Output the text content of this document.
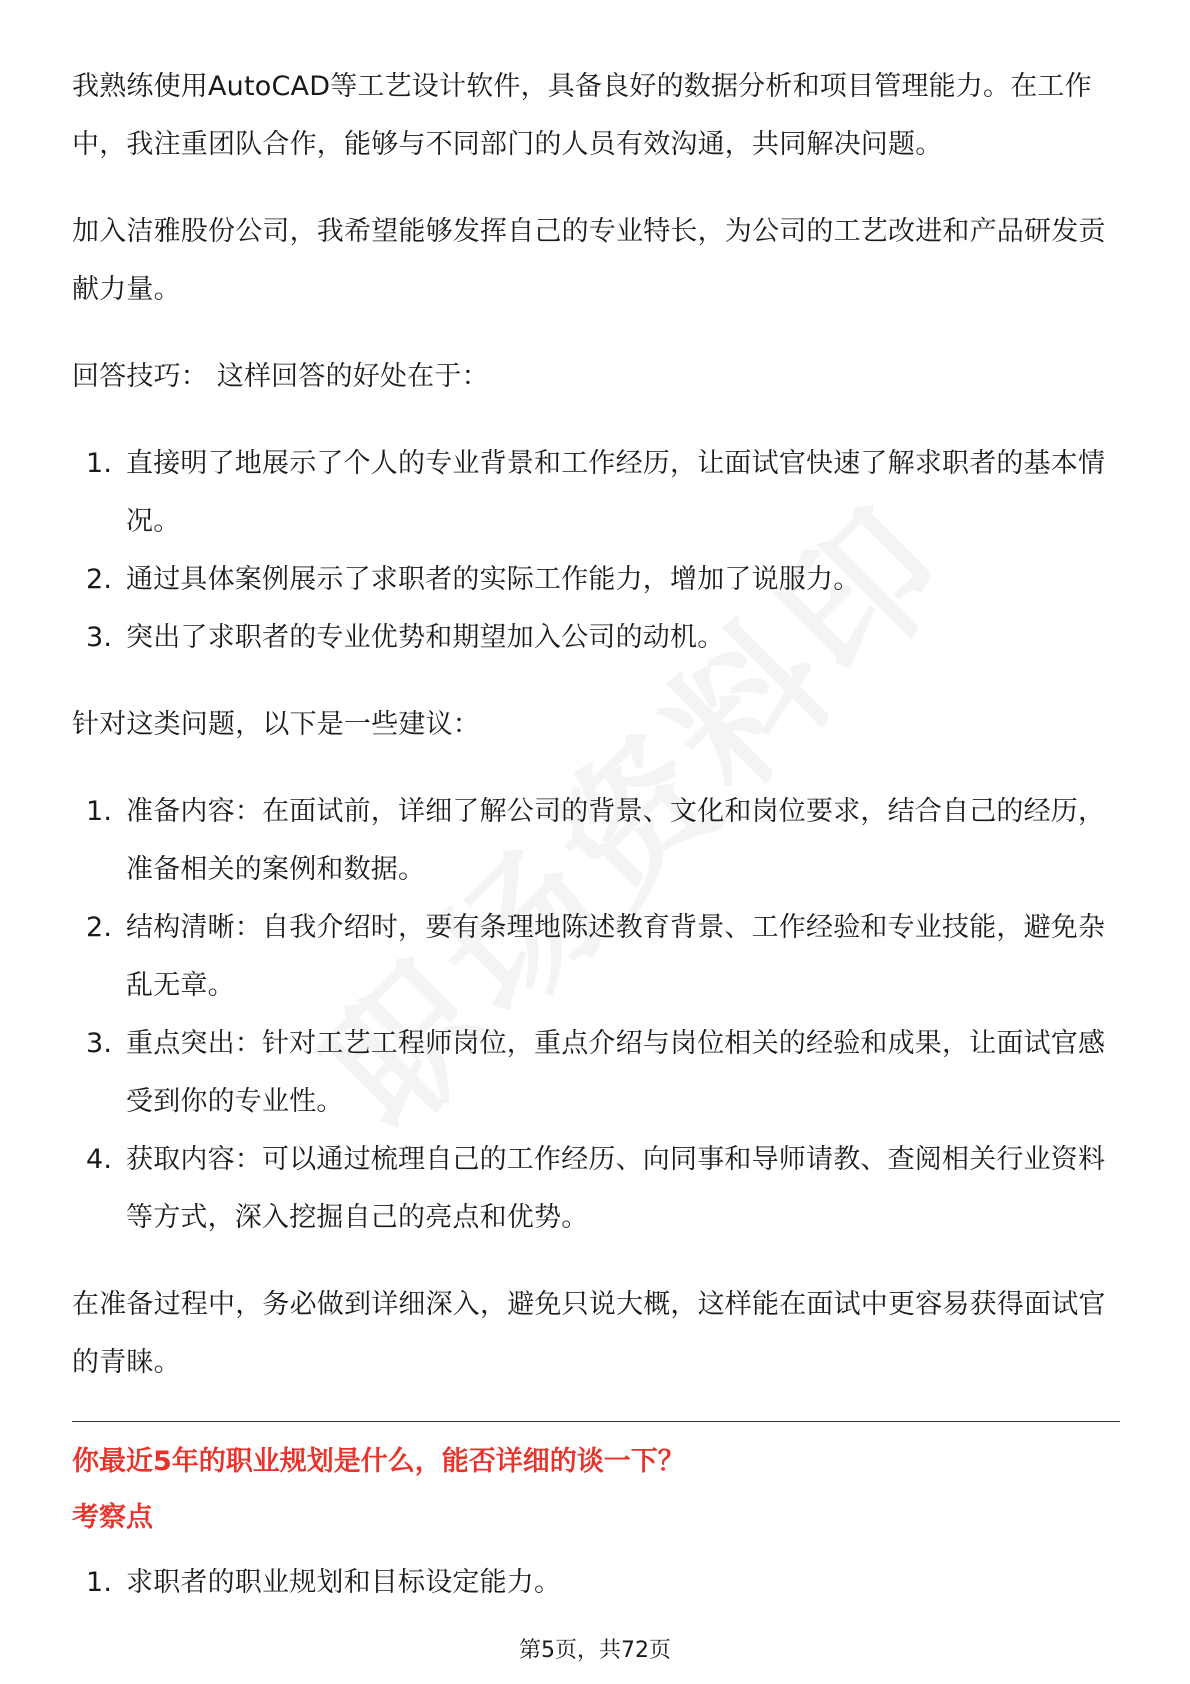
我熟练使用AutoCAD等工艺设计软件，具备良好的数据分析和项目管理能力。在工作中，我注重团队合作，能够与不同部门的人员有效沟通，共同解决问题。

加入洁雅股份公司，我希望能够发挥自己的专业特长，为公司的工艺改进和产品研发贡献力量。

回答技巧： 这样回答的好处在于：

1. 直接明了地展示了个人的专业背景和工作经历，让面试官快速了解求职者的基本情况。
2. 通过具体案例展示了求职者的实际工作能力，增加了说服力。
3. 突出了求职者的专业优势和期望加入公司的动机。

针对这类问题，以下是一些建议：

1. 准备内容：在面试前，详细了解公司的背景、文化和岗位要求，结合自己的经历，准备相关的案例和数据。
2. 结构清晰：自我介绍时，要有条理地陈述教育背景、工作经验和专业技能，避免杂乱无章。
3. 重点突出：针对工艺工程师岗位，重点介绍与岗位相关的经验和成果，让面试官感受到你的专业性。
4. 获取内容：可以通过梳理自己的工作经历、向同事和导师请教、查阅相关行业资料等方式，深入挖掘自己的亮点和优势。

在准备过程中，务必做到详细深入，避免只说大概，这样能在面试中更容易获得面试官的青睐。

你最近5年的职业规划是什么，能否详细的谈一下？

考察点

1. 求职者的职业规划和目标设定能力。
第5页，共72页
